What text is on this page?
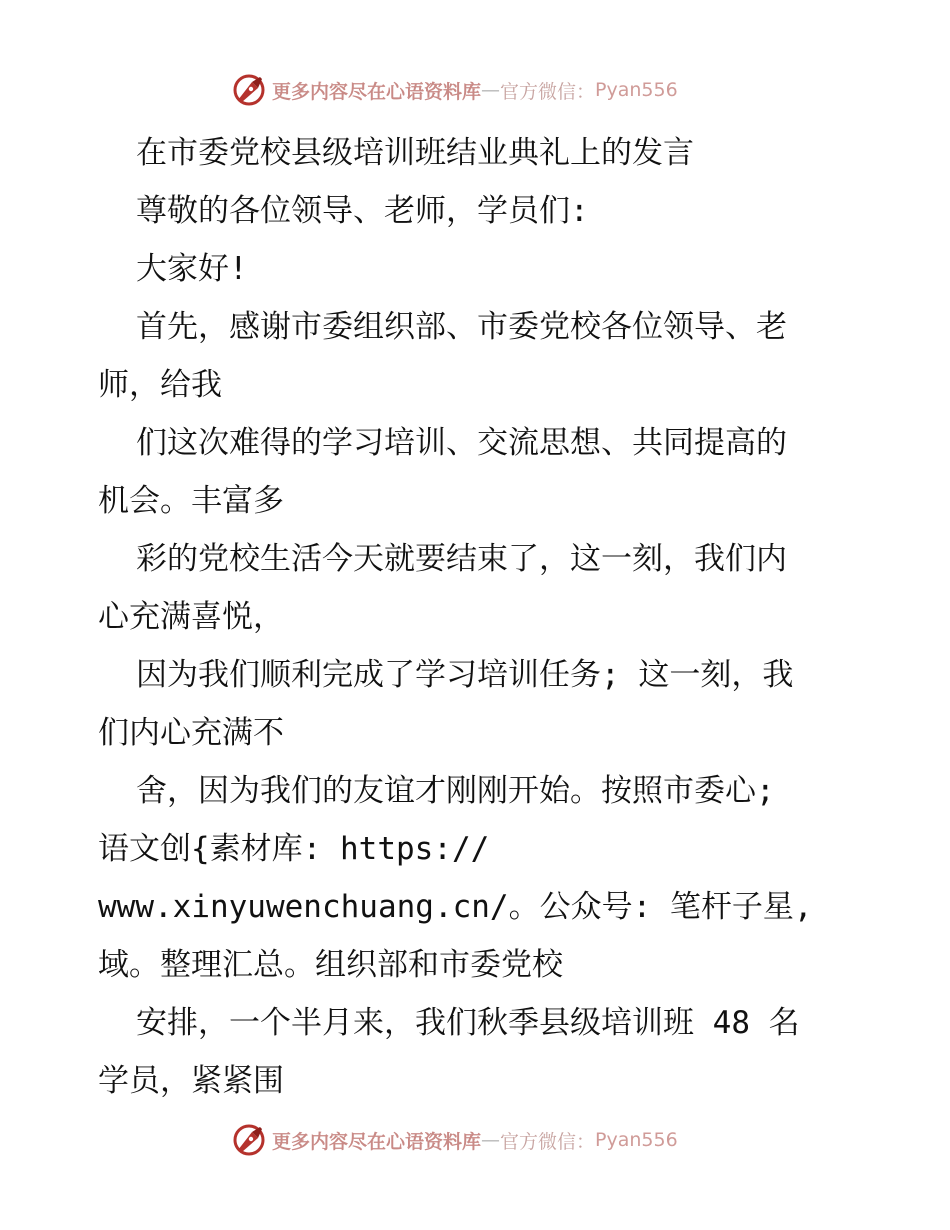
更多内容尽在心语资料库 — 官方微信： Pyan556
在市委党校县级培训班结业典礼上的发言
尊敬的各位领导、老师，学员们:
大家好!
首先，感谢市委组织部、市委党校各位领导、老
师，给我
们这次难得的学习培训、交流思想、共同提高的
机会。丰富多
彩的党校生活今天就要结束了，这一刻，我们内
心充满喜悦，
因为我们顺利完成了学习培训任务; 这一刻，我
们内心充满不
舍，因为我们的友谊才刚刚开始。按照市委心;
语文创{素材库: https://
www.xinyuwenchuang.cn/。公众号: 笔杆子星,
域。整理汇总。组织部和市委党校
安排，一个半月来，我们秋季县级培训班 48 名
学员，紧紧围
更多内容尽在心语资料库 — 官方微信： Pyan556
